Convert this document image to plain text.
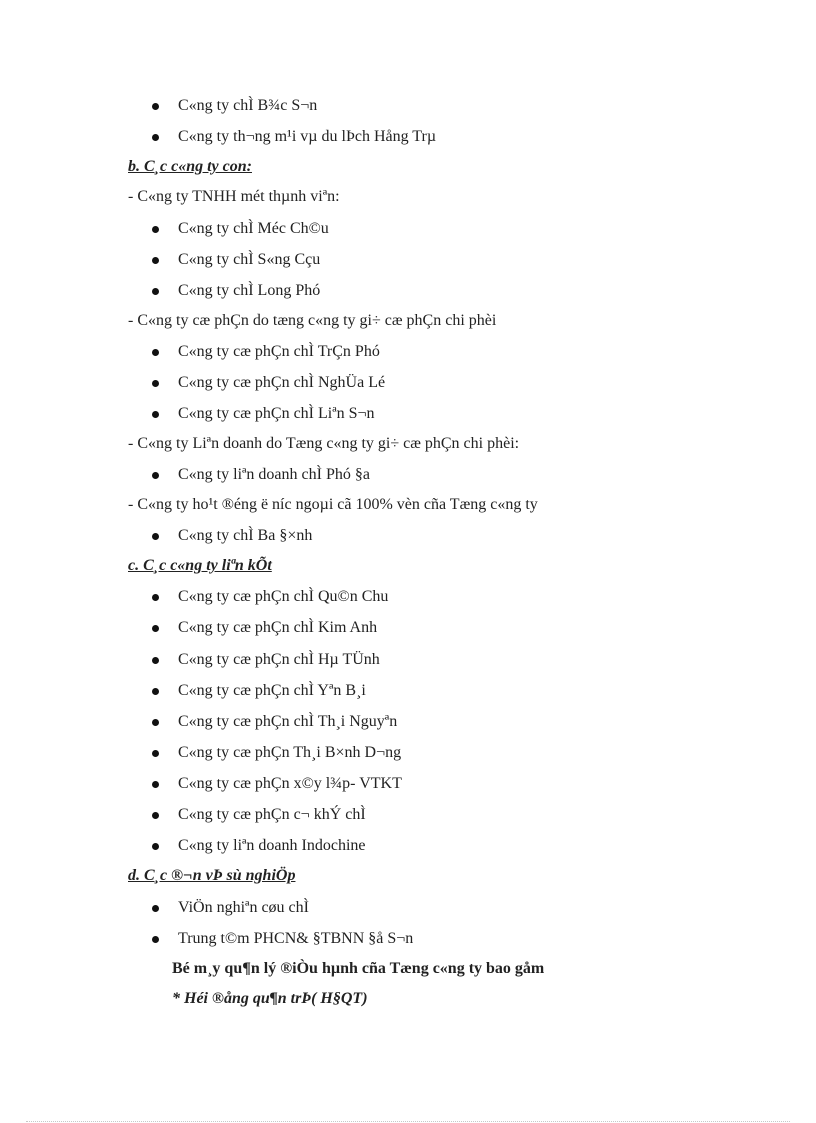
C«ng ty chÌ B¾c S¬n
C«ng ty th¬ng m¹i vµ du lÞch Hång Trµ
b. C¸c c«ng ty con:
- C«ng ty TNHH mét thµnh viªn:
C«ng ty chÌ Méc Ch©u
C«ng ty chÌ S«ng Cçu
C«ng ty chÌ Long Phó
- C«ng ty cæ phÇn do tæng c«ng ty gi÷ cæ phÇn chi phèi
C«ng ty cæ phÇn chÌ TrÇn Phó
C«ng ty cæ phÇn chÌ NghÜa Lé
C«ng ty cæ phÇn chÌ Liªn S¬n
- C«ng ty Liªn doanh do Tæng c«ng ty gi÷ cæ phÇn chi phèi:
C«ng ty liªn doanh chÌ Phó §a
- C«ng ty ho¹t ®éng ë níc ngoµi cã 100% vèn cña Tæng c«ng ty
C«ng ty chÌ Ba §×nh
c. C¸c c«ng ty liªn kÕt
C«ng ty cæ phÇn chÌ Qu©n Chu
C«ng ty cæ phÇn chÌ Kim Anh
C«ng ty cæ phÇn chÌ Hµ TÜnh
C«ng ty cæ phÇn chÌ Yªn B¸i
C«ng ty cæ phÇn chÌ Th¸i Nguyªn
C«ng ty cæ phÇn Th¸i B×nh D¬ng
C«ng ty cæ phÇn x©y l¾p- VTKT
C«ng ty cæ phÇn c¬ khÝ chÌ
C«ng ty liªn doanh Indochine
d. C¸c ®¬n vÞ sù nghiÖp
ViÖn nghiªn cøu chÌ
Trung t©m PHCN& §TBNN §å S¬n
Bé m¸y qu¶n lý ®iÒu hµnh cña Tæng c«ng ty bao gåm
* Héi ®ång qu¶n trÞ( H§QT)
